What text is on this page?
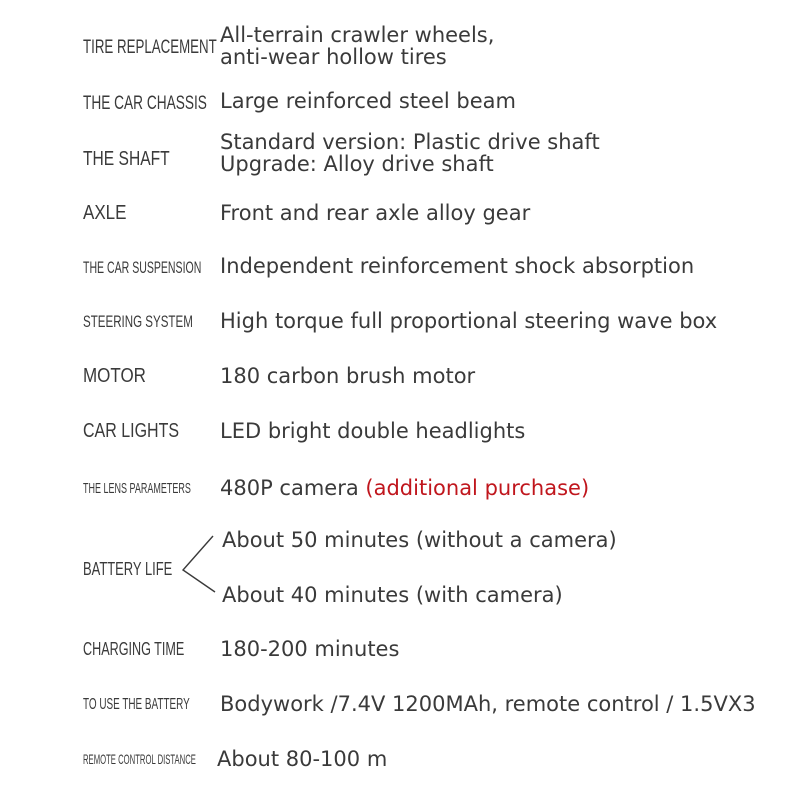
TIRE REPLACEMENT
All-terrain crawler wheels,
anti-wear hollow tires
THE CAR CHASSIS Large reinforced steel beam
THE SHAFT
Standard version: Plastic drive shaft
Upgrade: Alloy drive shaft
AXLE	Front and rear axle alloy gear
THE CAR SUSPENSION Independent reinforcement shock absorption
STEERING SYSTEM High torque full proportional steering wave box
MOTOR	180 carbon brush motor
CAR LIGHTS LED bright double headlights
THE LENS PARAMETERS 480P camera (additional purchase)
BATTERY LIFE
About 50 minutes (without a camera)
About 40 minutes (with camera)
CHARGING TIME 180-200 minutes
TO USE THE BATTERY Bodywork /7.4V 1200MAh, remote control / 1.5VX3
REMOTE CONTROL DISTANCE About 80-100 m
